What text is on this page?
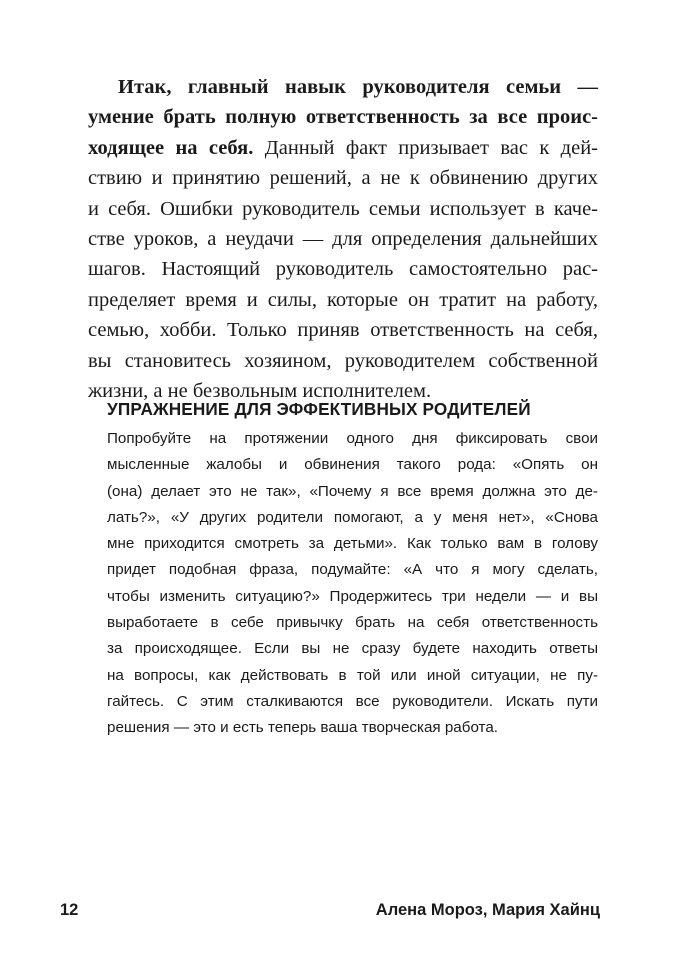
Итак, главный навык руководителя семьи —
умение брать полную ответственность за все проис-
ходящее на себя. Данный факт призывает вас к дей-
ствию и принятию решений, а не к обвинению других
и себя. Ошибки руководитель семьи использует в каче-
стве уроков, а неудачи — для определения дальнейших
шагов. Настоящий руководитель самостоятельно рас-
пределяет время и силы, которые он тратит на работу,
семью, хобби. Только приняв ответственность на себя,
вы становитесь хозяином, руководителем собственной
жизни, а не безвольным исполнителем.
УПРАЖНЕНИЕ ДЛЯ ЭФФЕКТИВНЫХ РОДИТЕЛЕЙ
Попробуйте на протяжении одного дня фиксировать свои
мысленные жалобы и обвинения такого рода: «Опять он
(она) делает это не так», «Почему я все время должна это де-
лать?», «У других родители помогают, а у меня нет», «Снова
мне приходится смотреть за детьми». Как только вам в голову
придет подобная фраза, подумайте: «А что я могу сделать,
чтобы изменить ситуацию?» Продержитесь три недели — и вы
выработаете в себе привычку брать на себя ответственность
за происходящее. Если вы не сразу будете находить ответы
на вопросы, как действовать в той или иной ситуации, не пу-
гайтесь. С этим сталкиваются все руководители. Искать пути
решения — это и есть теперь ваша творческая работа.
12	Алена Мороз, Мария Хайнц
